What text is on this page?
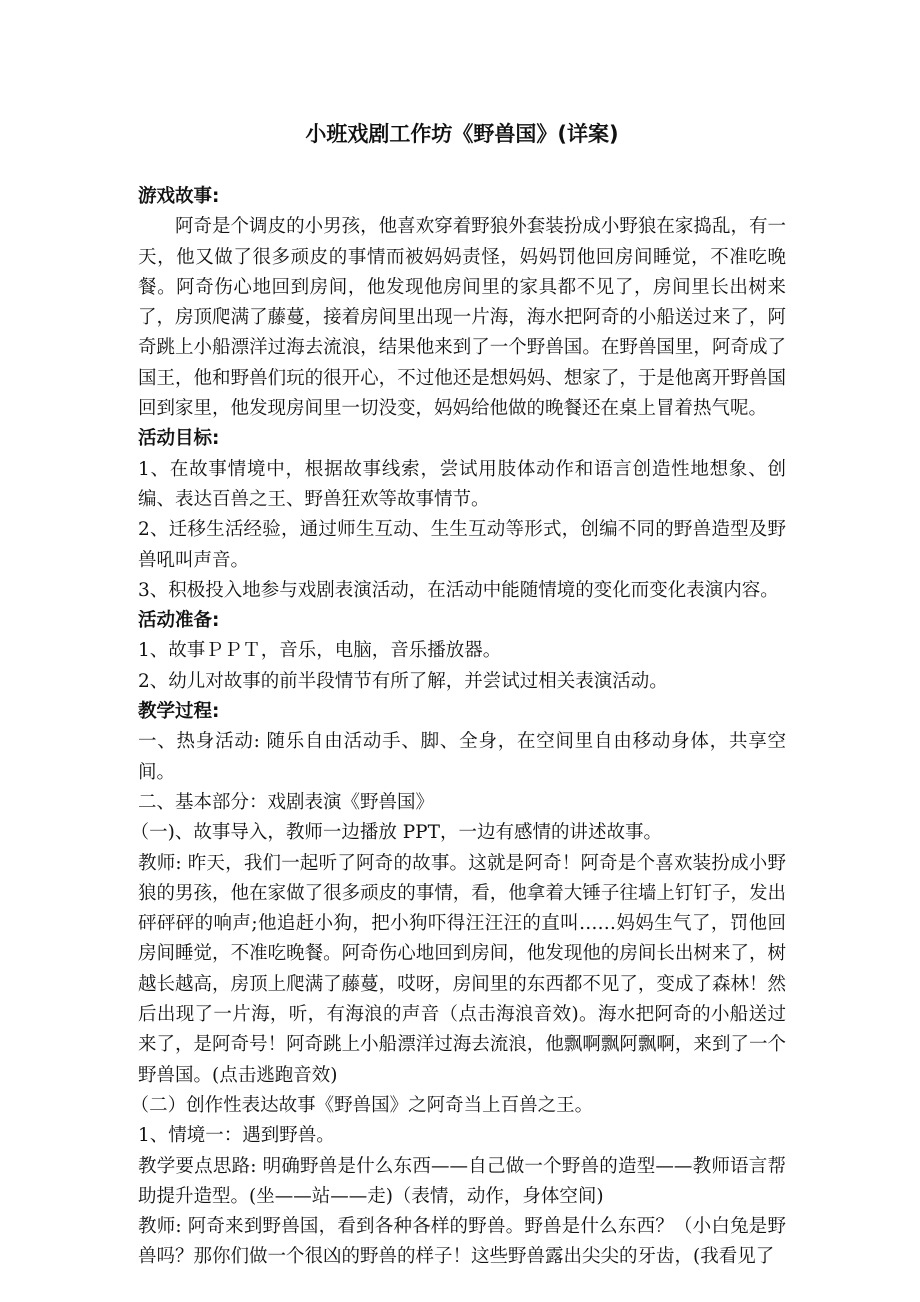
小班戏剧工作坊《野兽国》(详案)

游戏故事:

阿奇是个调皮的小男孩，他喜欢穿着野狼外套装扮成小野狼在家捣乱，有一天，他又做了很多顽皮的事情而被妈妈责怪，妈妈罚他回房间睡觉，不准吃晚餐。阿奇伤心地回到房间，他发现他房间里的家具都不见了，房间里长出树来了，房顶爬满了藤蔓，接着房间里出现一片海，海水把阿奇的小船送过来了，阿奇跳上小船漂洋过海去流浪，结果他来到了一个野兽国。在野兽国里，阿奇成了国王，他和野兽们玩的很开心，不过他还是想妈妈、想家了，于是他离开野兽国回到家里，他发现房间里一切没变，妈妈给他做的晚餐还在桌上冒着热气呢。

活动目标:

1、在故事情境中，根据故事线索，尝试用肢体动作和语言创造性地想象、创编、表达百兽之王、野兽狂欢等故事情节。

2、迁移生活经验，通过师生互动、生生互动等形式，创编不同的野兽造型及野兽吼叫声音。

3、积极投入地参与戏剧表演活动，在活动中能随情境的变化而变化表演内容。

活动准备:

1、故事ＰＰＴ，音乐，电脑，音乐播放器。

2、幼儿对故事的前半段情节有所了解，并尝试过相关表演活动。

教学过程:

一、热身活动: 随乐自由活动手、脚、全身，在空间里自由移动身体，共享空间。

二、基本部分：戏剧表演《野兽国》

（一)、故事导入，教师一边播放 PPT，一边有感情的讲述故事。

教师: 昨天，我们一起听了阿奇的故事。这就是阿奇！阿奇是个喜欢装扮成小野狼的男孩，他在家做了很多顽皮的事情，看，他拿着大锤子往墙上钉钉子，发出砰砰砰的响声;他追赶小狗，把小狗吓得汪汪汪的直叫……妈妈生气了，罚他回房间睡觉，不准吃晚餐。阿奇伤心地回到房间，他发现他的房间长出树来了，树越长越高，房顶上爬满了藤蔓，哎呀，房间里的东西都不见了，变成了森林！然后出现了一片海，听，有海浪的声音（点击海浪音效)。海水把阿奇的小船送过来了，是阿奇号！阿奇跳上小船漂洋过海去流浪，他飘啊飘阿飘啊，来到了一个野兽国。(点击逃跑音效)

（二）创作性表达故事《野兽国》之阿奇当上百兽之王。

1、情境一：遇到野兽。

教学要点思路: 明确野兽是什么东西——自己做一个野兽的造型——教师语言帮助提升造型。(坐——站——走)（表情，动作，身体空间)

教师: 阿奇来到野兽国，看到各种各样的野兽。野兽是什么东西？（小白兔是野兽吗？那你们做一个很凶的野兽的样子！这些野兽露出尖尖的牙齿，(我看见了
